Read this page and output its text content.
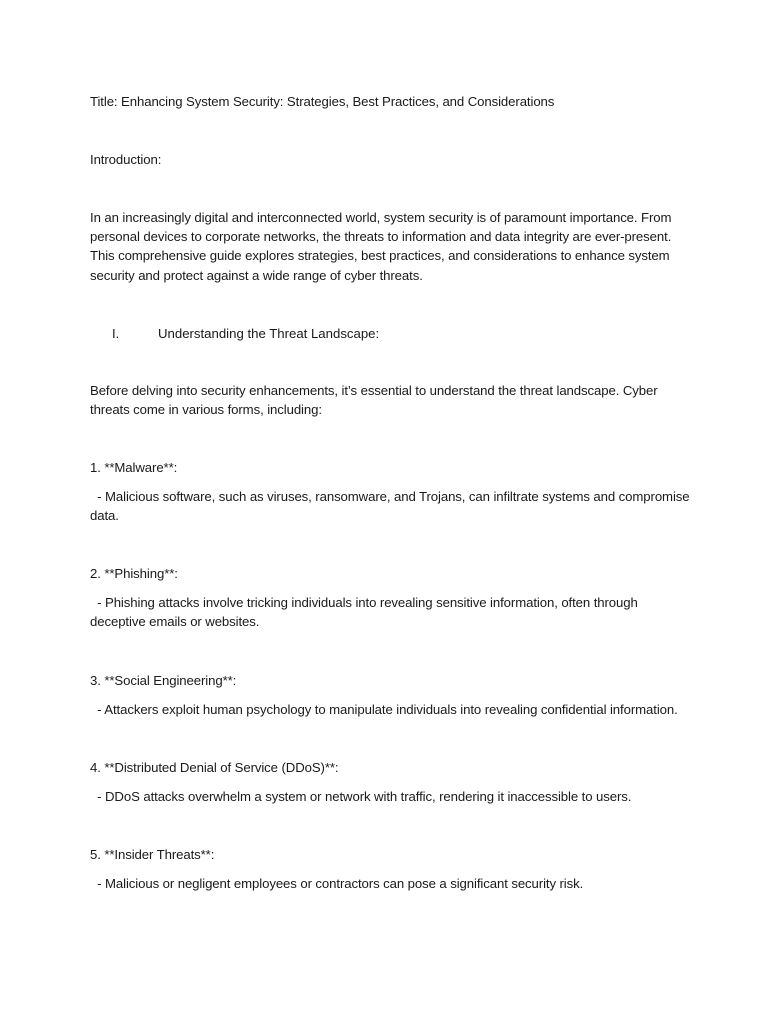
Title: Enhancing System Security: Strategies, Best Practices, and Considerations

Introduction:

In an increasingly digital and interconnected world, system security is of paramount importance. From personal devices to corporate networks, the threats to information and data integrity are ever-present. This comprehensive guide explores strategies, best practices, and considerations to enhance system security and protect against a wide range of cyber threats.

I.	Understanding the Threat Landscape:

Before delving into security enhancements, it’s essential to understand the threat landscape. Cyber threats come in various forms, including:

1. **Malware**:

- Malicious software, such as viruses, ransomware, and Trojans, can infiltrate systems and compromise data.

2. **Phishing**:

- Phishing attacks involve tricking individuals into revealing sensitive information, often through deceptive emails or websites.

3. **Social Engineering**:

- Attackers exploit human psychology to manipulate individuals into revealing confidential information.

4. **Distributed Denial of Service (DDoS)**:

- DDoS attacks overwhelm a system or network with traffic, rendering it inaccessible to users.

5. **Insider Threats**:

- Malicious or negligent employees or contractors can pose a significant security risk.
